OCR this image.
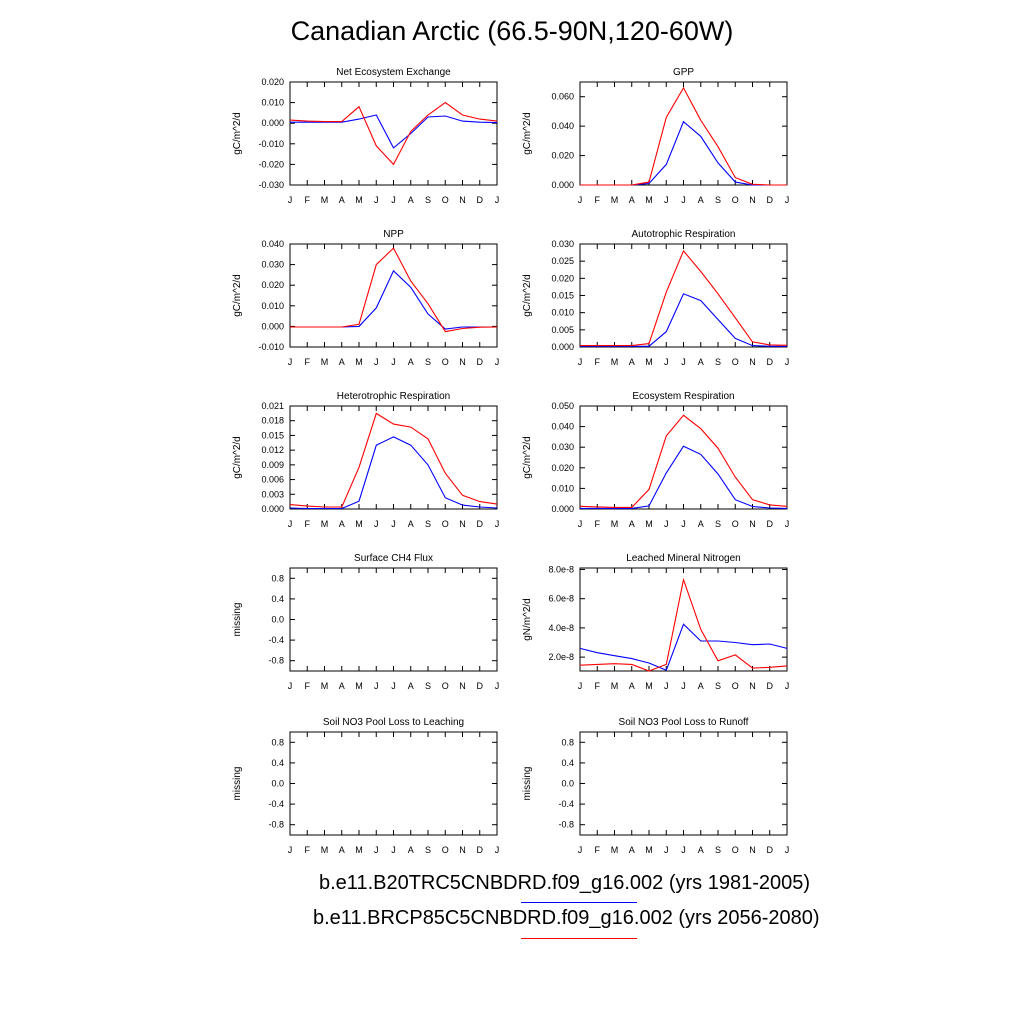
Canadian Arctic (66.5-90N,120-60W)
Net Ecosystem Exchange
J F M A M J J A S O N D J
0.020
0.010
0.000
-0.010
-0.020
-0.030
gC/m^2/d
GPP
J F M A M J J A S O N D J
0.060
0.040
0.020
0.000
gC/m^2/d
NPP
J F M A M J J A S O N D J
0.040
0.030
0.020
0.010
0.000
-0.010
gC/m^2/d
Autotrophic Respiration
J F M A M J J A S O N D J
0.030
0.025
0.020
0.015
0.010
0.005
0.000
gC/m^2/d
Heterotrophic Respiration
J F M A M J J A S O N D J
0.021
0.018
0.015
0.012
0.009
0.006
0.003
0.000
gC/m^2/d
Ecosystem Respiration
J F M A M J J A S O N D J
0.050
0.040
0.030
0.020
0.010
0.000
gC/m^2/d
Surface CH4 Flux
J F M A M J J A S O N D J
0.8
0.4
0.0
-0.4
-0.8
missing
Leached Mineral Nitrogen
J F M A M J J A S O N D J
8.0e-8
6.0e-8
4.0e-8
2.0e-8
gN/m^2/d
Soil NO3 Pool Loss to Leaching
J F M A M J J A S O N D J
0.8
0.4
0.0
-0.4
-0.8
missing
Soil NO3 Pool Loss to Runoff
J F M A M J J A S O N D J
0.8
0.4
0.0
-0.4
-0.8
missing
b.e11.B20TRC5CNBDRD.f09_g16.002 (yrs 1981-2005)
b.e11.BRCP85C5CNBDRD.f09_g16.002 (yrs 2056-2080)
